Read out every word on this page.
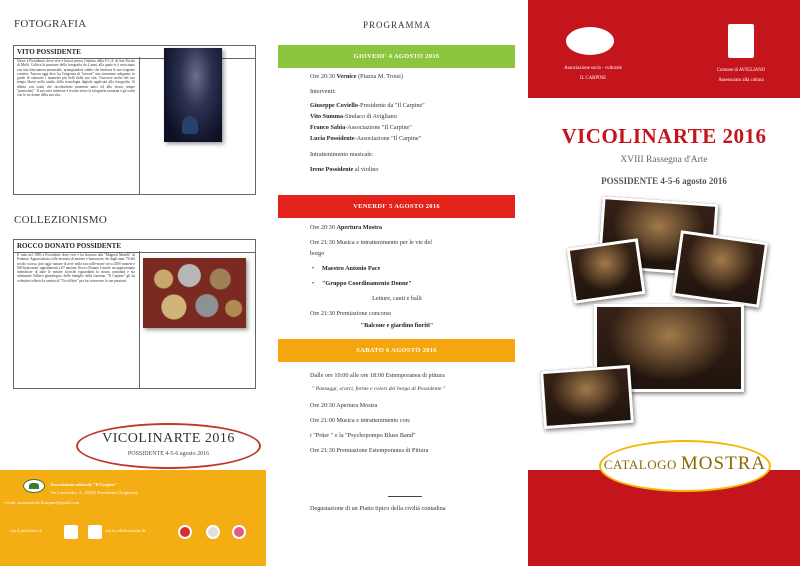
FOTOGRAFIA
VITO POSSIDENTE
Nasce a Possidente, dove vive e lavora presso l'indotto della F.C.A. di San Nicola di Melfi. Coltiva la passione della fotografia da 4 anni, alla quale si è avvicinato con una fotocamera amatoriale, arrangiandosi subito che limitava le sue esigenze creative. Ancora oggi dice, ha l'esigenza di "trovare" uno strumento adeguato, in grado di catturare i momenti più belli della sua vita. Trascorre molto del suo tempo libero nello studio della tecnologia digitale applicata alla fotografia. Si diletta con scatti che racchiudono momenti unici ed allo stesso tempo "particolari". Il suo vero interesse è rivolto verso la fotografia notturna e gli scatti con le tre donne della sua vita.
COLLEZIONISMO
ROCCO DONATO POSSIDENTE
E' nato nel 1950 a Possidente dove vive e ha lavorato alla "Magneti Marelli" di Potenza. Appassionato colle-zionista di monete e banconote, fin dagli anni '70 del secolo scorso, può oggi vantare di aver nella sua colle-zione circa 2500 monete e 600 banconote, appartenenti a 67 nazioni. Rocco Donato è anche un appassionato intenditore di tutte le notizie storiche riguardanti la nostra comunità e sta ultimando l'albero genealogico delle famiglie della frazione. "Il Carpine" gli ha volentieri offerto la vetrina di "VicoliArte" per far conoscere le sue passioni.
VICOLINARTE 2016
POSSIDENTE 4-5-6 agosto 2016
Associazione culturale "Il Carpine"
Via Lombardia, 4 – 85025 Possidente (Avigliano)
e-mail: associazione.ilcarpine@gmail.com
con il patrocinio di	con la collaborazione di
PROGRAMMA
GIOVEDI' 4 AGOSTO 2016
Ore 20:30 Vernice (Piazza M. Troisi)
Interventi:
Giuseppe Coviello-Presidente da "Il Carpine"
Vito Summa-Sindaco di Avigliano
Franco Sabia-Associazione "Il Carpine"
Lucia Possidente-Associazione "Il Carpine"
Intrattenimento musicale:
Irene Possidente al violino
VENERDI' 5 AGOSTO 2016
Ore 20:30 Apertura Mostra
Ore 21:30 Musica e intrattenimento per le vie del
borgo
• Maestro Antonio Pace
• "Gruppo Coordinamento Donne"
Letture, canti e balli
Ore 21:30 Premiazione concorso
"Balcone e giardino fioriti"
SABATO 6 AGOSTO 2016
Dalle ore 10:00 alle ore 18:00 Estemporanea di pittura
" Paesaggi, scorci, forme e colori del borgo di Possidente "
Ore 20:30 Apertura Mostra
Ore 21:00 Musica e intrattenimento con:
i "Prüer " e la "Psychopompo Blues Band"
Ore 21:30 Premiazione Estemporanea di Pittura
Degustazione di un Piatto tipico della civiltà contadina
Associazione socio - culturale
IL CARPINE
Comune di AVIGLIANO
Assessorato alla cultura
VICOLINARTE 2016
XVIII Rassegna d'Arte
POSSIDENTE 4-5-6 agosto 2016
CATALOGO MOSTRA
